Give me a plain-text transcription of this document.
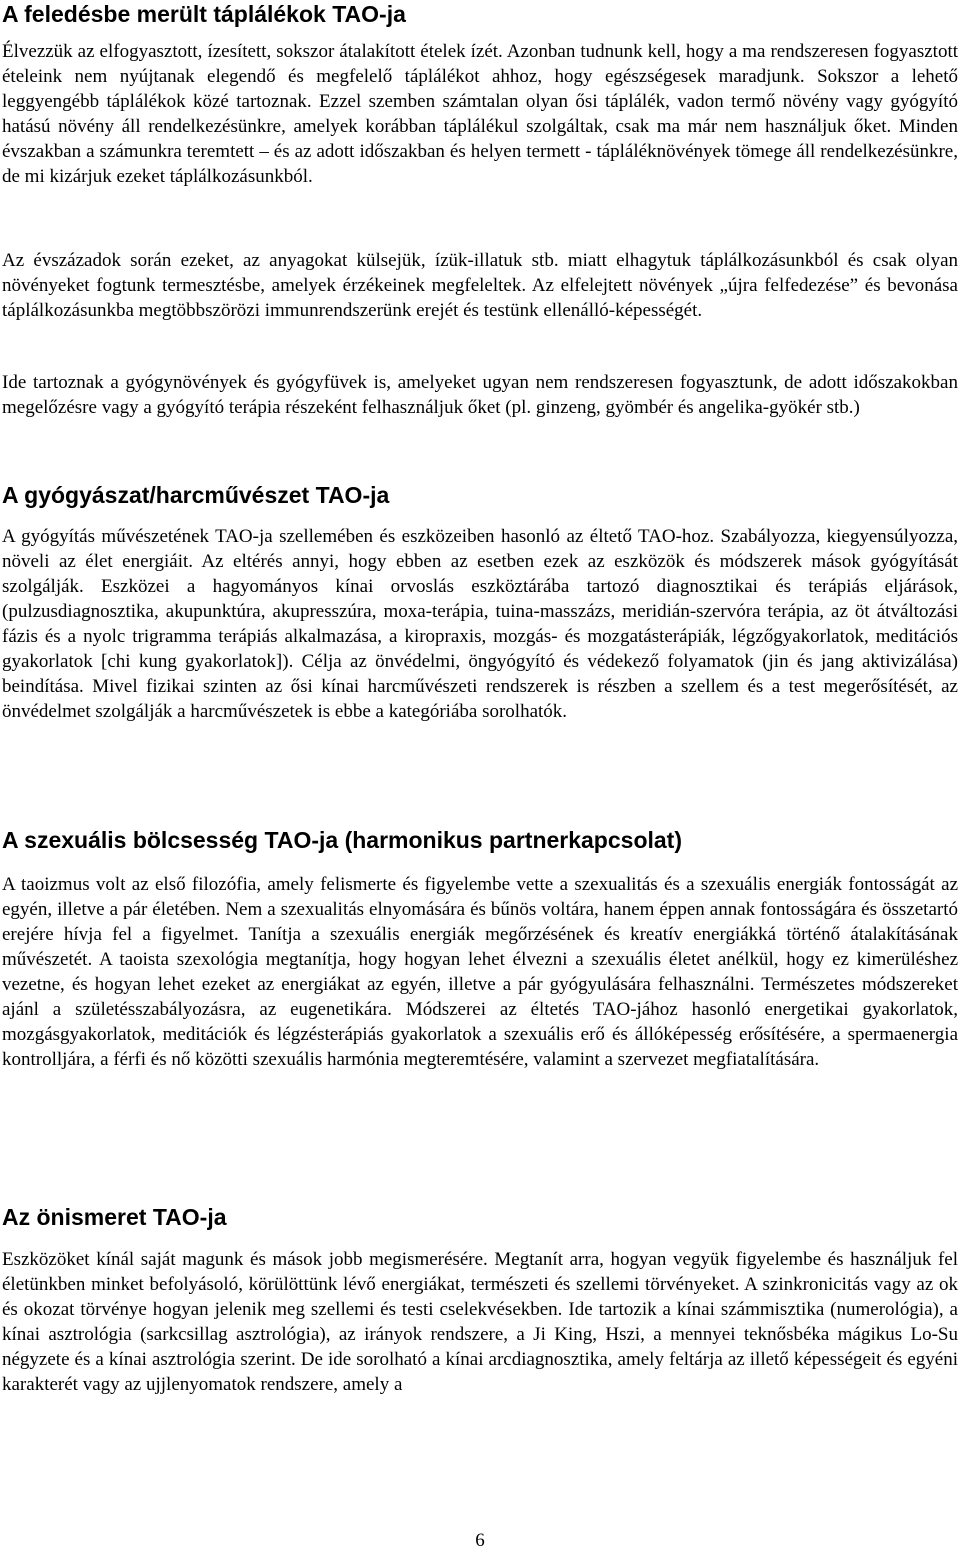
A feledésbe merült táplálékok TAO-ja

Élvezzük az elfogyasztott, ízesített, sokszor átalakított ételek ízét. Azonban tudnunk kell, hogy a ma rendszeresen fogyasztott ételeink nem nyújtanak elegendő és megfelelő táplálékot ahhoz, hogy egészségesek maradjunk. Sokszor a lehető leggyengébb táplálékok közé tartoznak. Ezzel szemben számtalan olyan ősi táplálék, vadon termő növény vagy gyógyító hatású növény áll rendelkezésünkre, amelyek korábban táplálékul szolgáltak, csak ma már nem használjuk őket. Minden évszakban a számunkra teremtett – és az adott időszakban és helyen termett - tápláléknövények tömege áll rendelkezésünkre, de mi kizárjuk ezeket táplálkozásunkból.

Az évszázadok során ezeket, az anyagokat külsejük, ízük-illatuk stb. miatt elhagytuk táplálkozásunkból és csak olyan növényeket fogtunk termesztésbe, amelyek érzékeinek megfeleltek. Az elfelejtett növények „újra felfedezése” és bevonása táplálkozásunkba megtöbbszörözi immunrendszerünk erejét és testünk ellenálló-képességét.

Ide tartoznak a gyógynövények és gyógyfüvek is, amelyeket ugyan nem rendszeresen fogyasztunk, de adott időszakokban megelőzésre vagy a gyógyító terápia részeként felhasználjuk őket (pl. ginzeng, gyömbér és angelika-gyökér stb.)

A gyógyászat/harcművészet TAO-ja

A gyógyítás művészetének TAO-ja szellemében és eszközeiben hasonló az éltető TAO-hoz. Szabályozza, kiegyensúlyozza, növeli az élet energiáit. Az eltérés annyi, hogy ebben az esetben ezek az eszközök és módszerek mások gyógyítását szolgálják. Eszközei a hagyományos kínai orvoslás eszköztárába tartozó diagnosztikai és terápiás eljárások, (pulzusdiagnosztika, akupunktúra, akupresszúra, moxa-terápia, tuina-masszázs, meridián-szervóra terápia, az öt átváltozási fázis és a nyolc trigramma terápiás alkalmazása, a kiropraxis, mozgás- és mozgatásterápiák, légzőgyakorlatok, meditációs gyakorlatok [chi kung gyakorlatok]). Célja az önvédelmi, öngyógyító és védekező folyamatok (jin és jang aktivizálása) beindítása. Mivel fizikai szinten az ősi kínai harcművészeti rendszerek is részben a szellem és a test megerősítését, az önvédelmet szolgálják a harcművészetek is ebbe a kategóriába sorolhatók.

A szexuális bölcsesség TAO-ja (harmonikus partnerkapcsolat)

A taoizmus volt az első filozófia, amely felismerte és figyelembe vette a szexualitás és a szexuális energiák fontosságát az egyén, illetve a pár életében. Nem a szexualitás elnyomására és bűnös voltára, hanem éppen annak fontosságára és összetartó erejére hívja fel a figyelmet. Tanítja a szexuális energiák megőrzésének és kreatív energiákká történő átalakításának művészetét. A taoista szexológia megtanítja, hogy hogyan lehet élvezni a szexuális életet anélkül, hogy ez kimerüléshez vezetne, és hogyan lehet ezeket az energiákat az egyén, illetve a pár gyógyulására felhasználni. Természetes módszereket ajánl a születésszabályozásra, az eugenetikára. Módszerei az éltetés TAO-jához hasonló energetikai gyakorlatok, mozgásgyakorlatok, meditációk és légzésterápiás gyakorlatok a szexuális erő és állóképesség erősítésére, a spermaenergia kontrolljára, a férfi és nő közötti szexuális harmónia megteremtésére, valamint a szervezet megfiatalítására.

Az önismeret TAO-ja

Eszközöket kínál saját magunk és mások jobb megismerésére. Megtanít arra, hogyan vegyük figyelembe és használjuk fel életünkben minket befolyásoló, körülöttünk lévő energiákat, természeti és szellemi törvényeket. A szinkronicitás vagy az ok és okozat törvénye hogyan jelenik meg szellemi és testi cselekvésekben. Ide tartozik a kínai számmisztika (numerológia), a kínai asztrológia (sarkcsillag asztrológia), az irányok rendszere, a Ji King, Hszi, a mennyei teknősbéka mágikus Lo-Su négyzete és a kínai asztrológia szerint. De ide sorolható a kínai arcdiagnosztika, amely feltárja az illető képességeit és egyéni karakterét vagy az ujjlenyomatok rendszere, amely a

6
